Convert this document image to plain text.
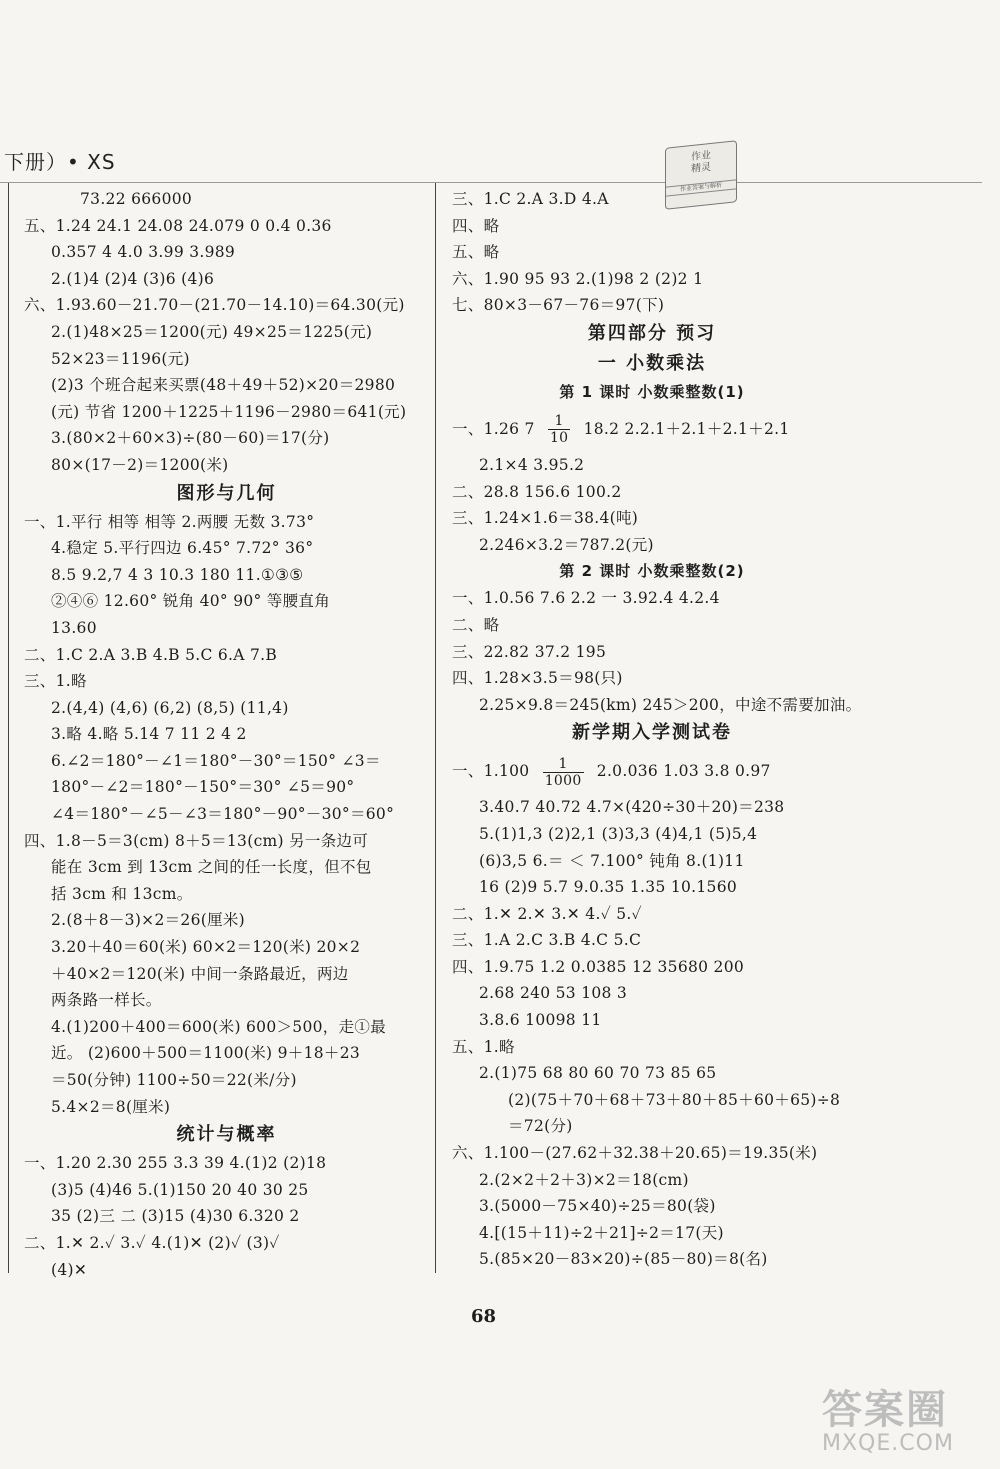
下册）• XS	作业
精灵
作业答案与解析
73.22 666000
五、1.24 24.1 24.08 24.079 0 0.4 0.36
0.357 4 4.0 3.99 3.989
2.(1)4 (2)4 (3)6 (4)6
六、1.93.60－21.70－(21.70－14.10)＝64.30(元)
2.(1)48×25＝1200(元) 49×25＝1225(元)
52×23＝1196(元)
(2)3 个班合起来买票(48＋49＋52)×20＝2980
(元) 节省 1200＋1225＋1196－2980＝641(元)
3.(80×2＋60×3)÷(80－60)＝17(分)
80×(17－2)＝1200(米)
图形与几何
一、1.平行 相等 相等 2.两腰 无数 3.73°
4.稳定 5.平行四边 6.45° 7.72° 36°
8.5 9.2,7 4 3 10.3 180 11.①③⑤
②④⑥ 12.60° 锐角 40° 90° 等腰直角
13.60
二、1.C 2.A 3.B 4.B 5.C 6.A 7.B
三、1.略
2.(4,4) (4,6) (6,2) (8,5) (11,4)
3.略 4.略 5.14 7 11 2 4 2
6.∠2＝180°－∠1＝180°－30°＝150° ∠3＝
180°－∠2＝180°－150°＝30° ∠5＝90°
∠4＝180°－∠5－∠3＝180°－90°－30°＝60°
四、1.8－5＝3(cm) 8＋5＝13(cm) 另一条边可
能在 3cm 到 13cm 之间的任一长度，但不包
括 3cm 和 13cm。
2.(8＋8－3)×2＝26(厘米)
3.20＋40＝60(米) 60×2＝120(米) 20×2
＋40×2＝120(米) 中间一条路最近，两边
两条路一样长。
4.(1)200＋400＝600(米) 600＞500，走①最
近。 (2)600＋500＝1100(米) 9＋18＋23
＝50(分钟) 1100÷50＝22(米/分)
5.4×2＝8(厘米)
统计与概率
一、1.20 2.30 255 3.3 39 4.(1)2 (2)18
(3)5 (4)46 5.(1)150 20 40 30 25
35 (2)三 二 (3)15 (4)30 6.320 2
二、1.✕ 2.✓ 3.✓ 4.(1)✕ (2)✓ (3)✓
(4)✕
三、1.C 2.A 3.D 4.A
四、略
五、略
六、1.90 95 93 2.(1)98 2 (2)2 1
七、80×3－67－76＝97(下)
第四部分 预习
一 小数乘法
第 1 课时 小数乘整数(1)
一、1.26 $7 \frac{1}{10} 18.2$ 2.2.1＋2.1＋2.1＋2.1
2.1×4 3.95.2
二、28.8 156.6 100.2
三、1.24×1.6＝38.4(吨)
2.246×3.2＝787.2(元)
第 2 课时 小数乘整数(2)
一、1.0.56 7.6 2.2 一 3.92.4 4.2.4
二、略
三、22.82 37.2 195
四、1.28×3.5＝98(只)
2.25×9.8＝245(km) 245＞200，中途不需要加油。
新学期入学测试卷
一、$1.100 \frac{1}{1000} 2.0.036$ 1.03 3.8 0.97
3.40.7 40.72 4.7×(420÷30＋20)＝238
5.(1)1,3 (2)2,1 (3)3,3 (4)4,1 (5)5,4
(6)3,5 6.＝ ＜ 7.100° 钝角 8.(1)11
16 (2)9 5.7 9.0.35 1.35 10.1560
二、1.✕ 2.✕ 3.✕ 4.✓ 5.✓
三、1.A 2.C 3.B 4.C 5.C
四、1.9.75 1.2 0.0385 12 35680 200
2.68 240 53 108 3
3.8.6 10098 11
五、1.略
2.(1)75 68 80 60 70 73 85 65
(2)(75＋70＋68＋73＋80＋85＋60＋65)÷8
＝72(分)
六、1.100－(27.62＋32.38＋20.65)＝19.35(米)
2.(2×2＋2＋3)×2＝18(cm)
3.(5000－75×40)÷25＝80(袋)
4.[(15＋11)÷2＋21]÷2＝17(天)
5.(85×20－83×20)÷(85－80)＝8(名)
68
答案圈
MXQE.COM
